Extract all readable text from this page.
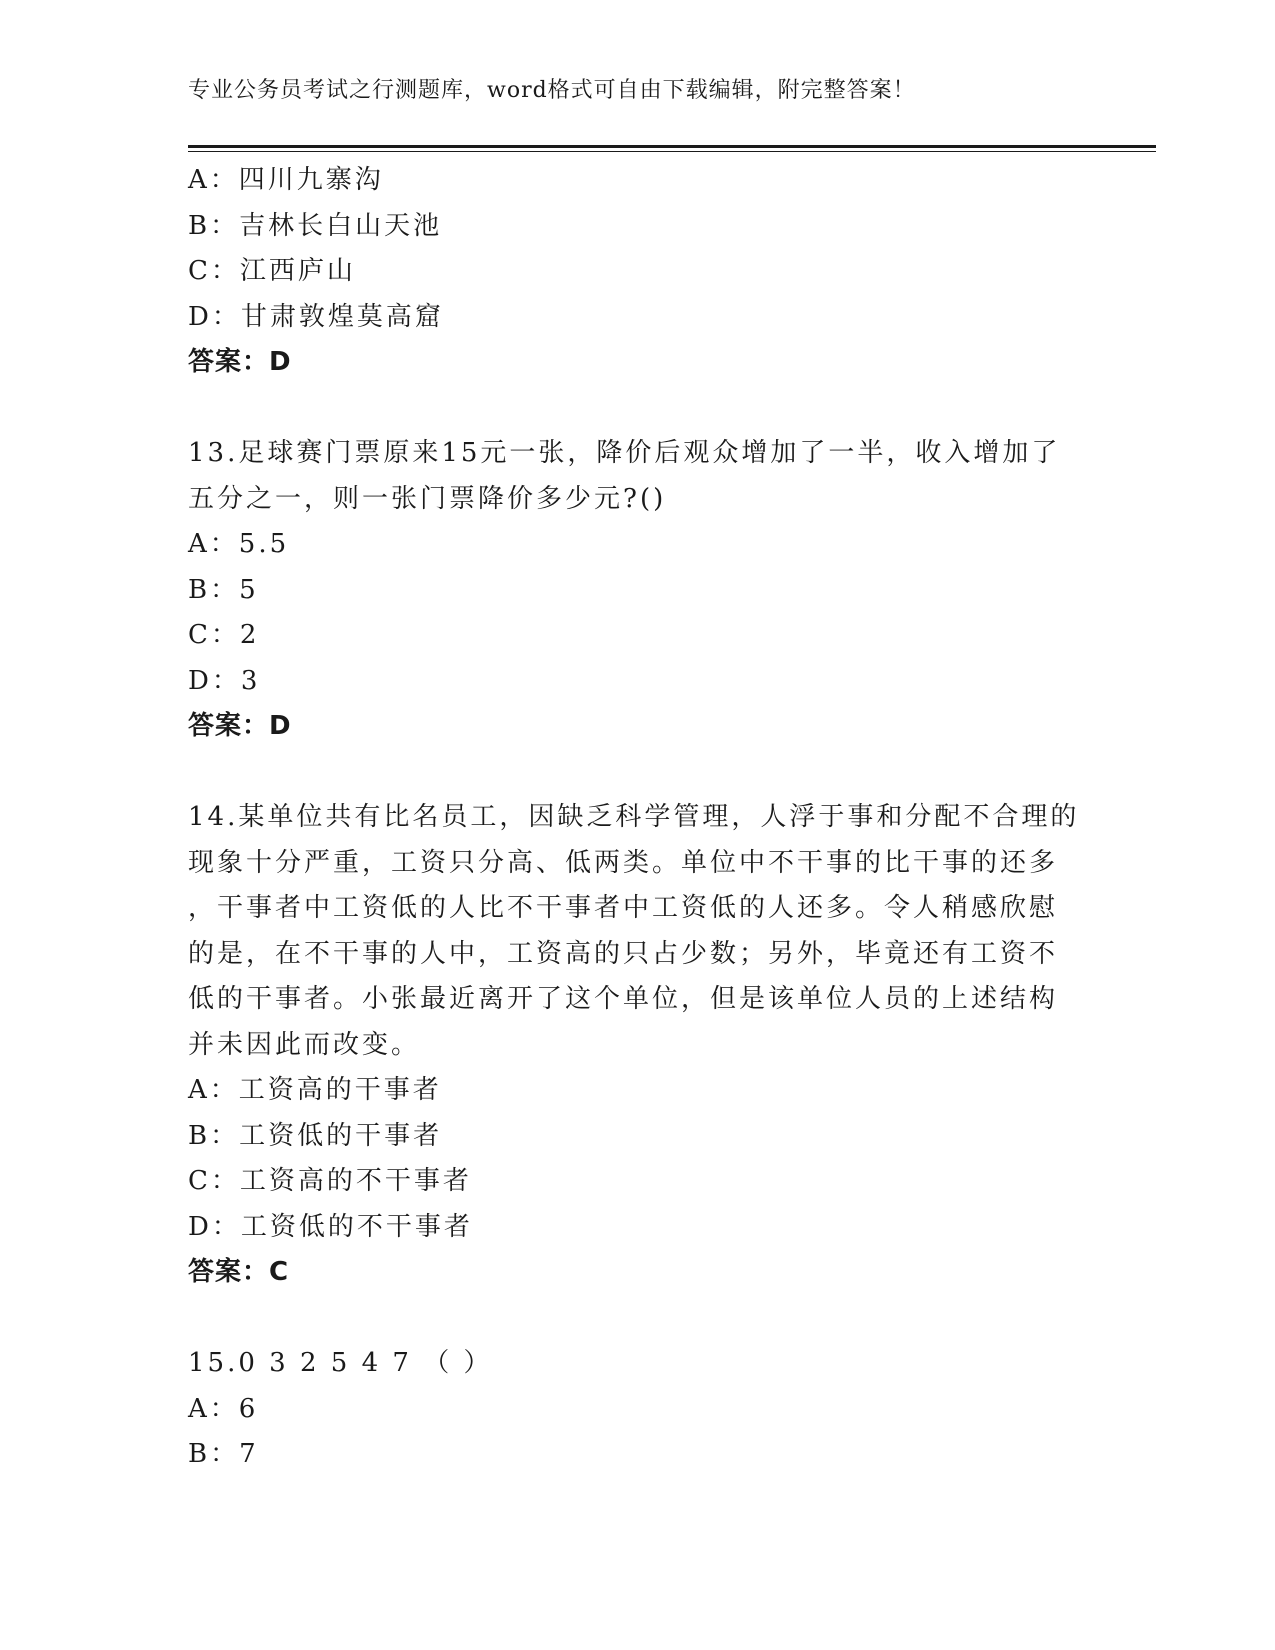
专业公务员考试之行测题库，word格式可自由下载编辑，附完整答案！
A：四川九寨沟
B：吉林长白山天池
C：江西庐山
D：甘肃敦煌莫高窟
答案：D
13.足球赛门票原来15元一张，降价后观众增加了一半，收入增加了
五分之一，则一张门票降价多少元?()
A：5.5
B：5
C：2
D：3
答案：D
14.某单位共有比名员工，因缺乏科学管理，人浮于事和分配不合理的
现象十分严重，工资只分高、低两类。单位中不干事的比干事的还多
，干事者中工资低的人比不干事者中工资低的人还多。令人稍感欣慰
的是，在不干事的人中，工资高的只占少数；另外，毕竟还有工资不
低的干事者。小张最近离开了这个单位，但是该单位人员的上述结构
并未因此而改变。
A：工资高的干事者
B：工资低的干事者
C：工资高的不干事者
D：工资低的不干事者
答案：C
15.0 3 2 5 4 7 （ ）
A：6
B：7
